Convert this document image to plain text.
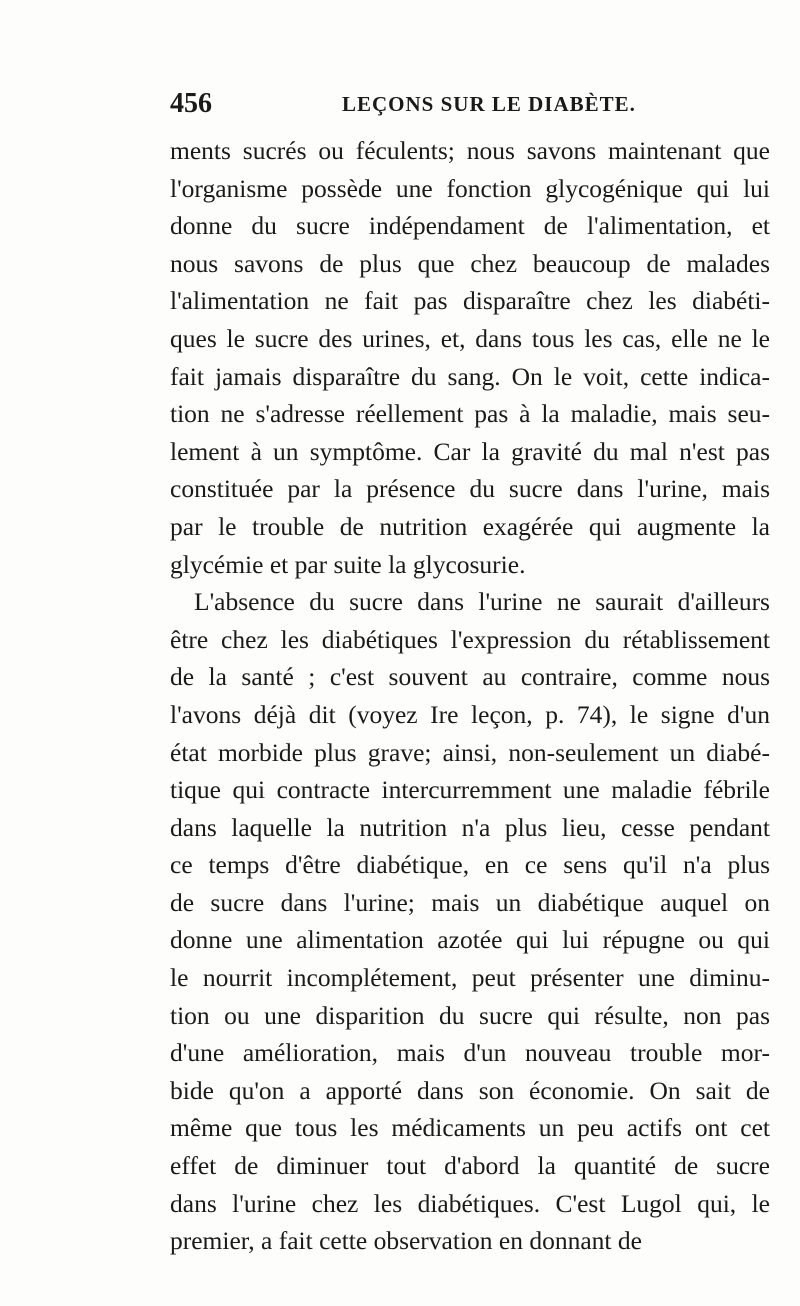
456	LEÇONS SUR LE DIABÈTE.
ments sucrés ou féculents; nous savons maintenant que
l'organisme possède une fonction glycogénique qui lui
donne du sucre indépendament de l'alimentation, et
nous savons de plus que chez beaucoup de malades
l'alimentation ne fait pas disparaître chez les diabéti-
ques le sucre des urines, et, dans tous les cas, elle ne le
fait jamais disparaître du sang. On le voit, cette indica-
tion ne s'adresse réellement pas à la maladie, mais seu-
lement à un symptôme. Car la gravité du mal n'est pas
constituée par la présence du sucre dans l'urine, mais
par le trouble de nutrition exagérée qui augmente la
glycémie et par suite la glycosurie.
L'absence du sucre dans l'urine ne saurait d'ailleurs
être chez les diabétiques l'expression du rétablissement
de la santé ; c'est souvent au contraire, comme nous
l'avons déjà dit (voyez Ire leçon, p. 74), le signe d'un
état morbide plus grave; ainsi, non-seulement un diabé-
tique qui contracte intercurremment une maladie fébrile
dans laquelle la nutrition n'a plus lieu, cesse pendant
ce temps d'être diabétique, en ce sens qu'il n'a plus
de sucre dans l'urine; mais un diabétique auquel on
donne une alimentation azotée qui lui répugne ou qui
le nourrit incomplétement, peut présenter une diminu-
tion ou une disparition du sucre qui résulte, non pas
d'une amélioration, mais d'un nouveau trouble mor-
bide qu'on a apporté dans son économie. On sait de
même que tous les médicaments un peu actifs ont cet
effet de diminuer tout d'abord la quantité de sucre
dans l'urine chez les diabétiques. C'est Lugol qui, le
premier, a fait cette observation en donnant de
